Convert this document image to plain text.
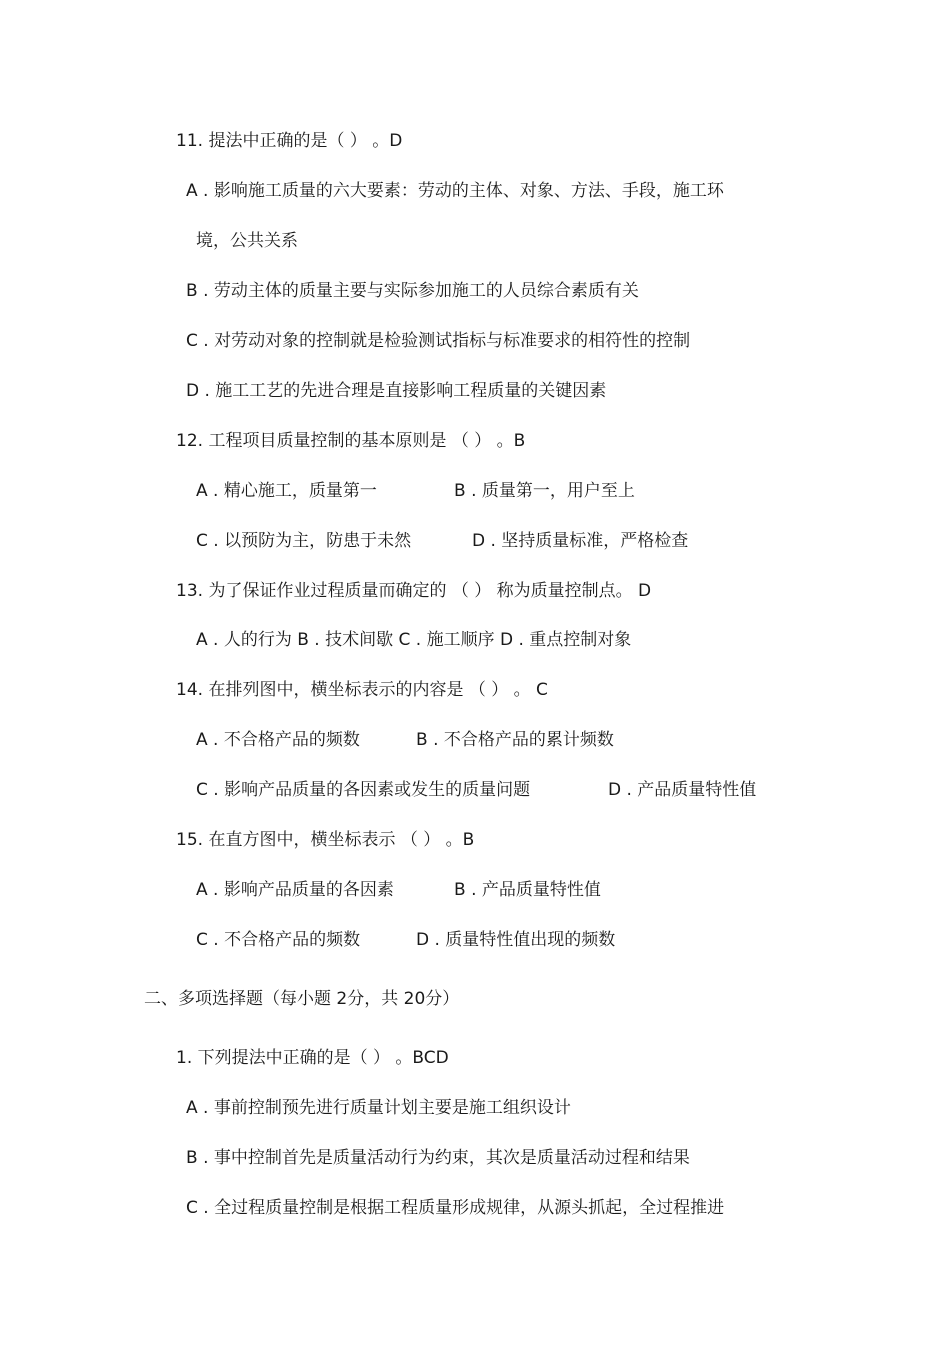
11. 提法中正确的是（ ） 。D
A . 影响施工质量的六大要素：劳动的主体、对象、方法、手段，施工环
境，公共关系
B . 劳动主体的质量主要与实际参加施工的人员综合素质有关
C . 对劳动对象的控制就是检验测试指标与标准要求的相符性的控制
D . 施工工艺的先进合理是直接影响工程质量的关键因素
12. 工程项目质量控制的基本原则是 （ ） 。B
A . 精心施工，质量第一	B . 质量第一，用户至上
C . 以预防为主，防患于未然	D . 坚持质量标准，严格检查
13. 为了保证作业过程质量而确定的 （ ） 称为质量控制点。 D
A . 人的行为 B . 技术间歇 C . 施工顺序 D . 重点控制对象
14. 在排列图中，横坐标表示的内容是 （ ） 。 C
A . 不合格产品的频数	B . 不合格产品的累计频数
C . 影响产品质量的各因素或发生的质量问题	D . 产品质量特性值
15. 在直方图中，横坐标表示 （ ） 。B
A . 影响产品质量的各因素	B . 产品质量特性值
C . 不合格产品的频数	D . 质量特性值出现的频数
二、多项选择题（每小题 2分，共 20分）
1. 下列提法中正确的是（ ） 。BCD
A . 事前控制预先进行质量计划主要是施工组织设计
B . 事中控制首先是质量活动行为约束，其次是质量活动过程和结果
C . 全过程质量控制是根据工程质量形成规律，从源头抓起，全过程推进
